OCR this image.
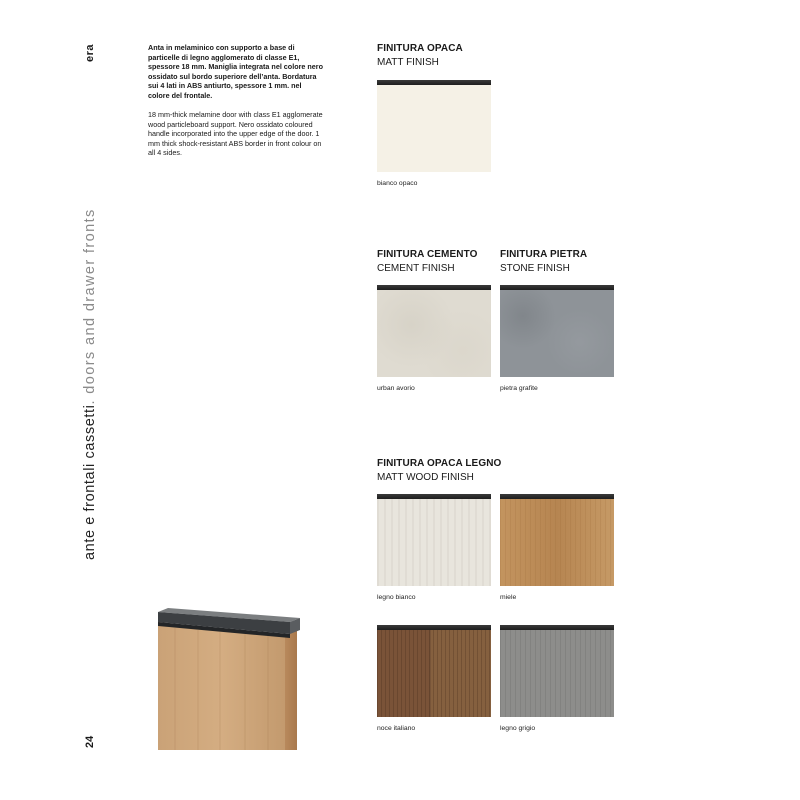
era
24
ante e frontali cassetti. doors and drawer fronts

Anta in melaminico con supporto a base di particelle di legno agglomerato di classe E1, spessore 18 mm. Maniglia integrata nel colore nero ossidato sul bordo superiore dell’anta. Bordatura sui 4 lati in ABS antiurto, spessore 1 mm. nel colore del frontale.

18 mm-thick melamine door with class E1 agglomerate wood particleboard support. Nero ossidato coloured handle incorporated into the upper edge of the door. 1 mm thick shock-resistant ABS border in front colour on all 4 sides.

FINITURA OPACA
MATT FINISH
bianco opaco
FINITURA CEMENTO
CEMENT FINISH
FINITURA PIETRA
STONE FINISH
urban avorio	pietra grafite
FINITURA OPACA LEGNO
MATT WOOD FINISH
legno bianco	miele
noce italiano	legno grigio
